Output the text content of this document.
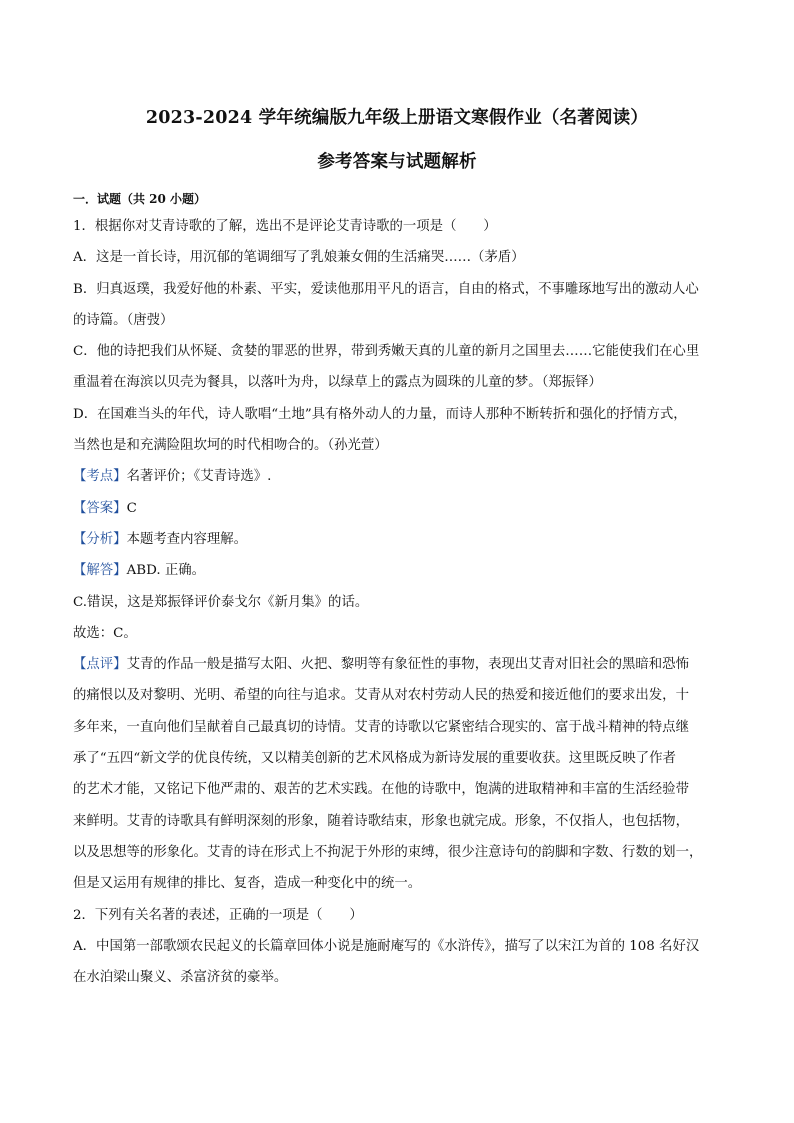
2023-2024 学年统编版九年级上册语文寒假作业（名著阅读）
参考答案与试题解析
一．试题（共 20 小题）
1．根据你对艾青诗歌的了解，选出不是评论艾青诗歌的一项是（　　）
A．这是一首长诗，用沉郁的笔调细写了乳娘兼女佣的生活痛哭……（茅盾）
B．归真返璞，我爱好他的朴素、平实，爱读他那用平凡的语言，自由的格式，不事雕琢地写出的激动人心
的诗篇。（唐弢）
C．他的诗把我们从怀疑、贪婪的罪恶的世界，带到秀嫩天真的儿童的新月之国里去……它能使我们在心里
重温着在海滨以贝壳为餐具，以落叶为舟，以绿草上的露点为圆珠的儿童的梦。（郑振铎）
D．在国难当头的年代，诗人歌唱“土地”具有格外动人的力量，而诗人那种不断转折和强化的抒情方式，
当然也是和充满险阻坎坷的时代相吻合的。（孙光萱）
【考点】名著评价；《艾青诗选》.
【答案】C
【分析】本题考查内容理解。
【解答】ABD. 正确。
C.错误，这是郑振铎评价泰戈尔《新月集》的话。
故选：C。
【点评】艾青的作品一般是描写太阳、火把、黎明等有象征性的事物，表现出艾青对旧社会的黑暗和恐怖
的痛恨以及对黎明、光明、希望的向往与追求。艾青从对农村劳动人民的热爱和接近他们的要求出发，十
多年来，一直向他们呈献着自己最真切的诗情。艾青的诗歌以它紧密结合现实的、富于战斗精神的特点继
承了“五四“新文学的优良传统，又以精美创新的艺术风格成为新诗发展的重要收获。这里既反映了作者
的艺术才能，又铭记下他严肃的、艰苦的艺术实践。在他的诗歌中，饱满的进取精神和丰富的生活经验带
来鲜明。艾青的诗歌具有鲜明深刻的形象，随着诗歌结束，形象也就完成。形象，不仅指人，也包括物，
以及思想等的形象化。艾青的诗在形式上不拘泥于外形的束缚，很少注意诗句的韵脚和字数、行数的划一，
但是又运用有规律的排比、复沓，造成一种变化中的统一。
2．下列有关名著的表述，正确的一项是（　　）
A．中国第一部歌颂农民起义的长篇章回体小说是施耐庵写的《水浒传》，描写了以宋江为首的 108 名好汉
在水泊梁山聚义、杀富济贫的豪举。
